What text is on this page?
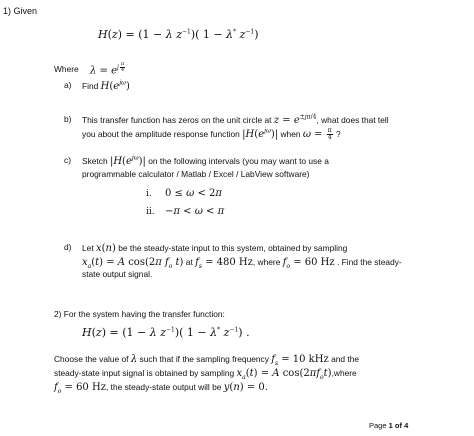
1) Given
H(z) = (1 − λ $z^{-1}$)( 1 − λ* $z^{-1}$)
Where $\lambda = e^{j \frac{\pi}{4}}$
a) Find $H(e^{j\omega})$
b) This transfer function has zeros on the unit circle at $z = e^{\pm j\pi/4}$, what does that tell
you about the amplitude response function $|H(e^{j\omega})|$ when $\omega = \frac{\pi}{4}$ ?
c) Sketch $|H(e^{j\omega})|$ on the following intervals (you may want to use a
programmable calculator / Matlab / Excel / LabView software)
i. 0 ≤ ω < 2π
ii. −π < ω < π
d) Let x(n) be the steady-state input to this system, obtained by sampling
$x_a(t) = A$ cos(2π $f_o$ t) at $f_s = 480$ Hz, where $f_o = 60$ Hz . Find the steady-
state output signal.
2) For the system having the transfer function:
H(z) = (1 − λ $z^{-1}$)( 1 − λ* $z^{-1}$) .
Choose the value of λ such that if the sampling frequency $f_s = 10$ kHz and the
steady-state input signal is obtained by sampling $x_a(t) = A$ $\cos(2\pi f_ot),where$
$f_o = 60$ Hz, the steady-state output will be y(n) = 0.
Page 1 of 4
